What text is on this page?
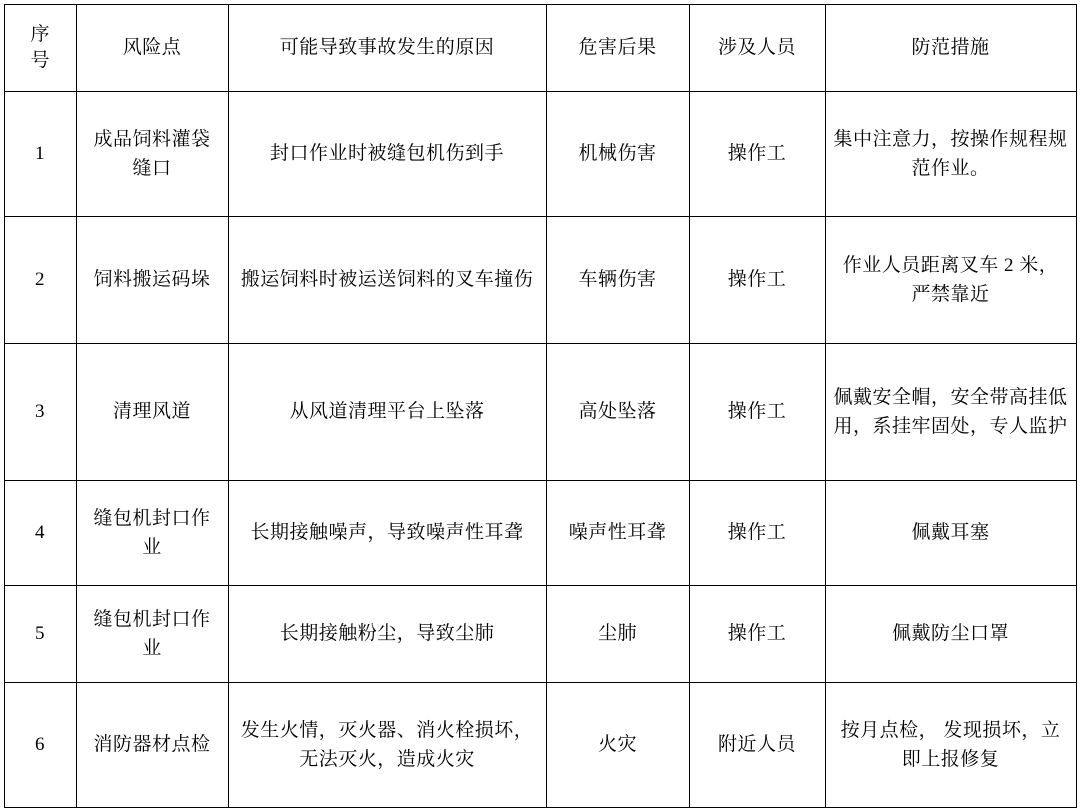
序
号	风险点	可能导致事故发生的原因	危害后果	涉及人员	防范措施
1	成品饲料灌袋缝口	封口作业时被缝包机伤到手	机械伤害	操作工	集中注意力，按操作规程规范作业。
2	饲料搬运码垛	搬运饲料时被运送饲料的叉车撞伤	车辆伤害	操作工	作业人员距离叉车 2 米，严禁靠近
3	清理风道	从风道清理平台上坠落	高处坠落	操作工	佩戴安全帽，安全带高挂低用，系挂牢固处，专人监护
4	缝包机封口作业	长期接触噪声，导致噪声性耳聋	噪声性耳聋	操作工	佩戴耳塞
5	缝包机封口作业	长期接触粉尘，导致尘肺	尘肺	操作工	佩戴防尘口罩
6	消防器材点检	发生火情，灭火器、消火栓损坏，无法灭火，造成火灾	火灾	附近人员	按月点检， 发现损坏，立即上报修复
